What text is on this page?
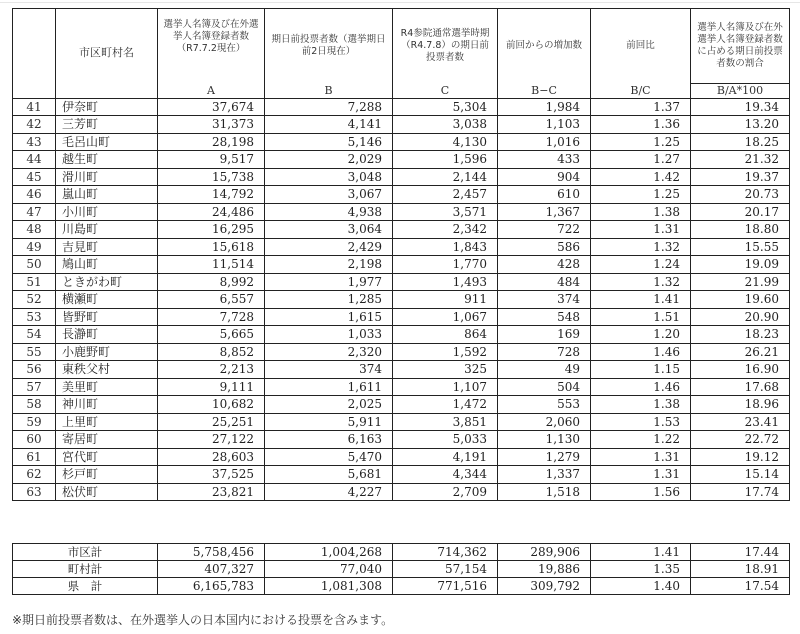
	市区町村名	選挙人名簿及び在外選挙人名簿登録者数（R7.7.2現在）	期日前投票者数（選挙期日前2日現在）	R4参院通常選挙時期（R4.7.8）の期日前投票者数	前回からの増加数	前回比	選挙人名簿及び在外選挙人名簿登録者数に占める期日前投票者数の割合
		A	B	C	B−C	B/C	B/A*100
41	伊奈町	37,674	7,288	5,304	1,984	1.37	19.34
42	三芳町	31,373	4,141	3,038	1,103	1.36	13.20
43	毛呂山町	28,198	5,146	4,130	1,016	1.25	18.25
44	越生町	9,517	2,029	1,596	433	1.27	21.32
45	滑川町	15,738	3,048	2,144	904	1.42	19.37
46	嵐山町	14,792	3,067	2,457	610	1.25	20.73
47	小川町	24,486	4,938	3,571	1,367	1.38	20.17
48	川島町	16,295	3,064	2,342	722	1.31	18.80
49	吉見町	15,618	2,429	1,843	586	1.32	15.55
50	鳩山町	11,514	2,198	1,770	428	1.24	19.09
51	ときがわ町	8,992	1,977	1,493	484	1.32	21.99
52	横瀬町	6,557	1,285	911	374	1.41	19.60
53	皆野町	7,728	1,615	1,067	548	1.51	20.90
54	長瀞町	5,665	1,033	864	169	1.20	18.23
55	小鹿野町	8,852	2,320	1,592	728	1.46	26.21
56	東秩父村	2,213	374	325	49	1.15	16.90
57	美里町	9,111	1,611	1,107	504	1.46	17.68
58	神川町	10,682	2,025	1,472	553	1.38	18.96
59	上里町	25,251	5,911	3,851	2,060	1.53	23.41
60	寄居町	27,122	6,163	5,033	1,130	1.22	22.72
61	宮代町	28,603	5,470	4,191	1,279	1.31	19.12
62	杉戸町	37,525	5,681	4,344	1,337	1.31	15.14
63	松伏町	23,821	4,227	2,709	1,518	1.56	17.74
市区計	5,758,456	1,004,268	714,362	289,906	1.41	17.44
町村計	407,327	77,040	57,154	19,886	1.35	18.91
県　計	6,165,783	1,081,308	771,516	309,792	1.40	17.54
※期日前投票者数は、在外選挙人の日本国内における投票を含みます。
